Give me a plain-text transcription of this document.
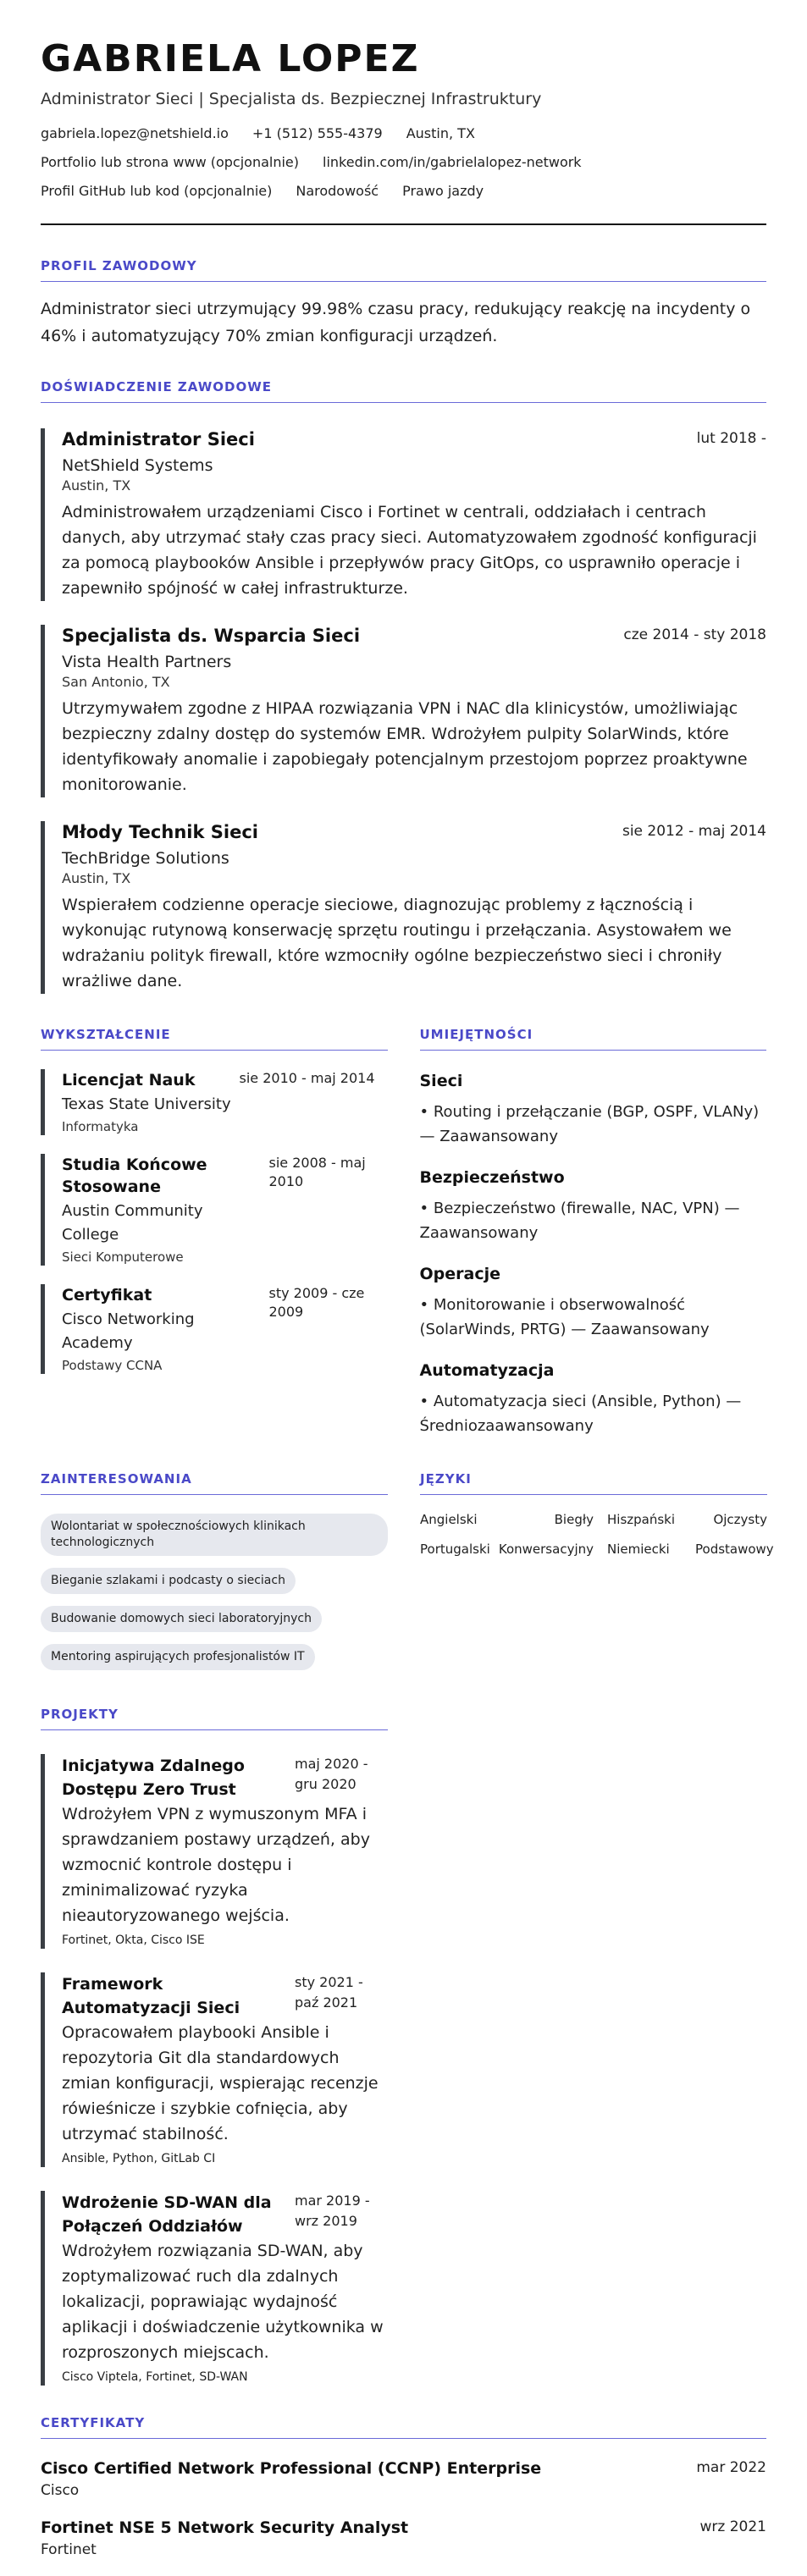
GABRIELA LOPEZ
Administrator Sieci | Specjalista ds. Bezpiecznej Infrastruktury
gabriela.lopez@netshield.io +1 (512) 555-4379 Austin, TX
Portfolio lub strona www (opcjonalnie) linkedin.com/in/gabrielalopez-network
Profil GitHub lub kod (opcjonalnie) Narodowość Prawo jazdy
PROFIL ZAWODOWY
Administrator sieci utrzymujący 99.98% czasu pracy, redukujący reakcję na incydenty o 46% i automatyzujący 70% zmian konfiguracji urządzeń.
DOŚWIADCZENIE ZAWODOWE
Administrator Sieci	lut 2018 -
NetShield Systems
Austin, TX
Administrowałem urządzeniami Cisco i Fortinet w centrali, oddziałach i centrach danych, aby utrzymać stały czas pracy sieci. Automatyzowałem zgodność konfiguracji za pomocą playbooków Ansible i przepływów pracy GitOps, co usprawniło operacje i zapewniło spójność w całej infrastrukturze.
Specjalista ds. Wsparcia Sieci	cze 2014 - sty 2018
Vista Health Partners
San Antonio, TX
Utrzymywałem zgodne z HIPAA rozwiązania VPN i NAC dla klinicystów, umożliwiając bezpieczny zdalny dostęp do systemów EMR. Wdrożyłem pulpity SolarWinds, które identyfikowały anomalie i zapobiegały potencjalnym przestojom poprzez proaktywne monitorowanie.
Młody Technik Sieci	sie 2012 - maj 2014
TechBridge Solutions
Austin, TX
Wspierałem codzienne operacje sieciowe, diagnozując problemy z łącznością i wykonując rutynową konserwację sprzętu routingu i przełączania. Asystowałem we wdrażaniu polityk firewall, które wzmocniły ogólne bezpieczeństwo sieci i chroniły wrażliwe dane.
WYKSZTAŁCENIE
Licencjat Nauk	sie 2010 - maj 2014
Texas State University
Informatyka
Studia Końcowe Stosowane
sie 2008 - maj 2010
Austin Community College
Sieci Komputerowe
Certyfikat	sty 2009 - cze 2009
Cisco Networking Academy
Podstawy CCNA
UMIEJĘTNOŚCI
Sieci
• Routing i przełączanie (BGP, OSPF, VLANy) — Zaawansowany
Bezpieczeństwo
• Bezpieczeństwo (firewalle, NAC, VPN) — Zaawansowany
Operacje
• Monitorowanie i obserwowalność (SolarWinds, PRTG) — Zaawansowany
Automatyzacja
• Automatyzacja sieci (Ansible, Python) — Średniozaawansowany
ZAINTERESOWANIA
Wolontariat w społecznościowych klinikach technologicznych
Bieganie szlakami i podcasty o sieciach
Budowanie domowych sieci laboratoryjnych
Mentoring aspirujących profesjonalistów IT
JĘZYKI
Angielski	Biegły	Hiszpański	Ojczysty
Portugalski Konwersacyjny	Niemiecki	Podstawowy
PROJEKTY
Inicjatywa Zdalnego Dostępu Zero Trust
maj 2020 - gru 2020
Wdrożyłem VPN z wymuszonym MFA i sprawdzaniem postawy urządzeń, aby wzmocnić kontrole dostępu i zminimalizować ryzyka nieautoryzowanego wejścia.
Fortinet, Okta, Cisco ISE
Framework Automatyzacji Sieci
sty 2021 - paź 2021
Opracowałem playbooki Ansible i repozytoria Git dla standardowych zmian konfiguracji, wspierając recenzje rówieśnicze i szybkie cofnięcia, aby utrzymać stabilność.
Ansible, Python, GitLab CI
Wdrożenie SD-WAN dla Połączeń Oddziałów
mar 2019 - wrz 2019
Wdrożyłem rozwiązania SD-WAN, aby zoptymalizować ruch dla zdalnych lokalizacji, poprawiając wydajność aplikacji i doświadczenie użytkownika w rozproszonych miejscach.
Cisco Viptela, Fortinet, SD-WAN
CERTYFIKATY
Cisco Certified Network Professional (CCNP) Enterprise	mar 2022
Cisco
Fortinet NSE 5 Network Security Analyst	wrz 2021
Fortinet
